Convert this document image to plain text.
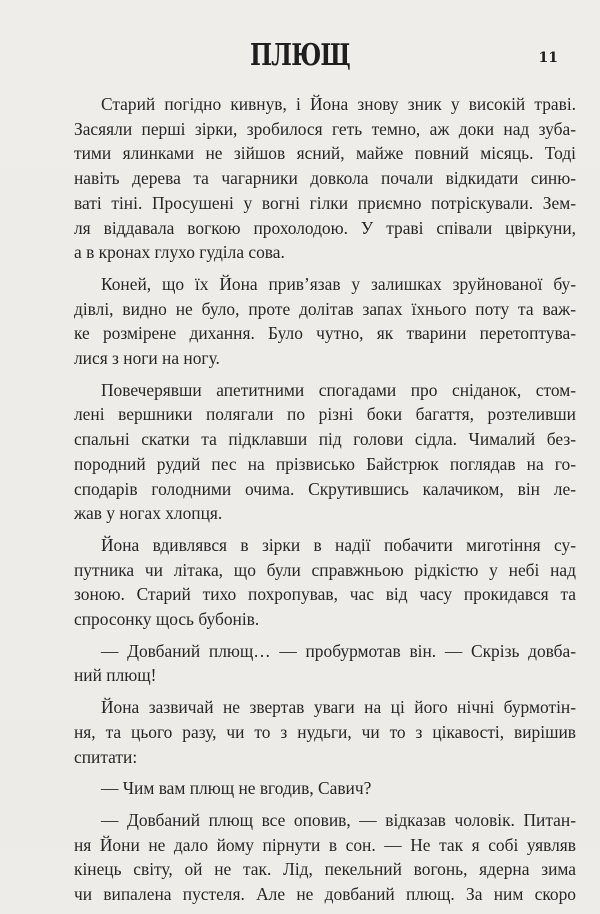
ПЛЮЩ	11
Старий погідно кивнув, і Йона знову зник у високій траві.
Засяяли перші зірки, зробилося геть темно, аж доки над зуба-
тими ялинками не зійшов ясний, майже повний місяць. Тоді
навіть дерева та чагарники довкола почали відкидати синю-
ваті тіні. Просушені у вогні гілки приємно потріскували. Зем-
ля віддавала вогкою прохолодою. У траві співали цвіркуни,
а в кронах глухо гуділа сова.
Коней, що їх Йона прив’язав у залишках зруйнованої бу-
дівлі, видно не було, проте долітав запах їхнього поту та важ-
ке розмірене дихання. Було чутно, як тварини перетоптува-
лися з ноги на ногу.
Повечерявши апетитними спогадами про сніданок, стом-
лені вершники полягали по різні боки багаття, розтеливши
спальні скатки та підклавши під голови сідла. Чималий без-
породний рудий пес на прізвисько Байстрюк поглядав на го-
сподарів голодними очима. Скрутившись калачиком, він ле-
жав у ногах хлопця.
Йона вдивлявся в зірки в надії побачити миготіння су-
путника чи літака, що були справжньою рідкістю у небі над
зоною. Старий тихо похропував, час від часу прокидався та
спросонку щось бубонів.
— Довбаний плющ… — пробурмотав він. — Скрізь довба-
ний плющ!
Йона зазвичай не звертав уваги на ці його нічні бурмотін-
ня, та цього разу, чи то з нудьги, чи то з цікавості, вирішив
спитати:
— Чим вам плющ не вгодив, Савич?
— Довбаний плющ все оповив, — відказав чоловік. Питан-
ня Йони не дало йому пірнути в сон. — Не так я собі уявляв
кінець світу, ой не так. Лід, пекельний вогонь, ядерна зима
чи випалена пустеля. Але не довбаний плющ. За ним скоро
